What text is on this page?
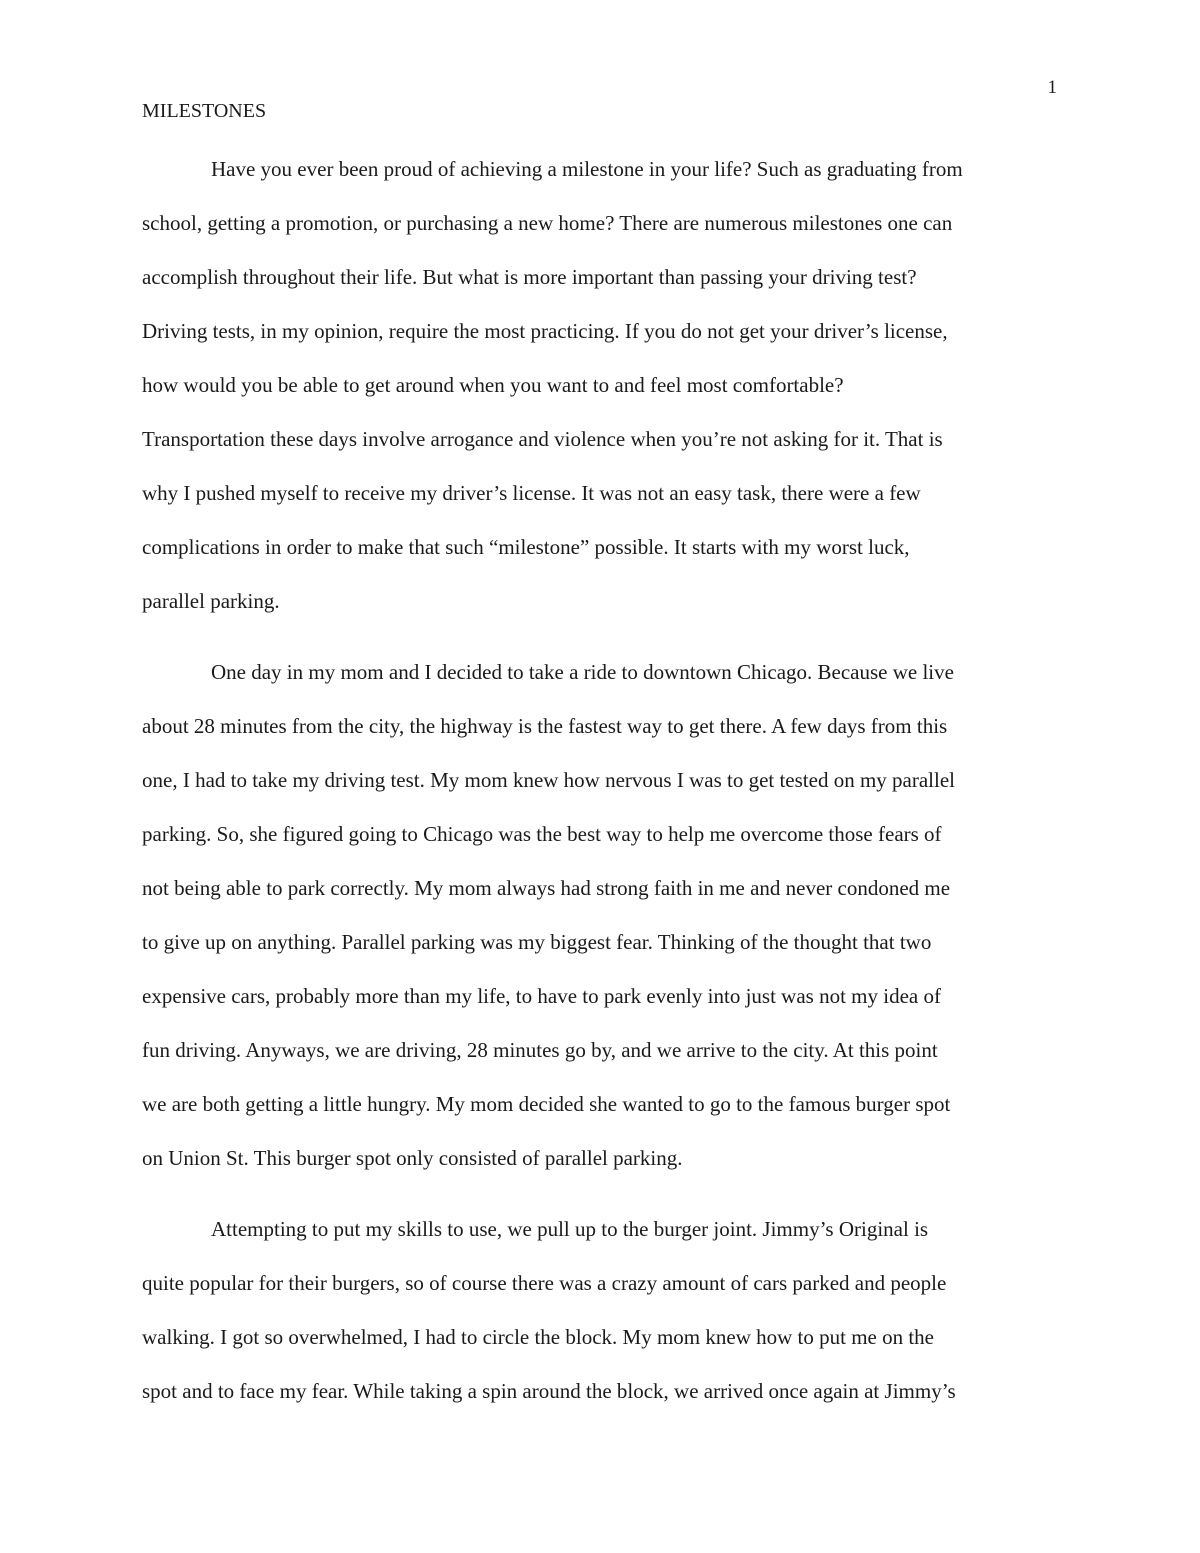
1
MILESTONES

Have you ever been proud of achieving a milestone in your life? Such as graduating from
school, getting a promotion, or purchasing a new home? There are numerous milestones one can
accomplish throughout their life. But what is more important than passing your driving test?
Driving tests, in my opinion, require the most practicing. If you do not get your driver’s license,
how would you be able to get around when you want to and feel most comfortable?
Transportation these days involve arrogance and violence when you’re not asking for it. That is
why I pushed myself to receive my driver’s license. It was not an easy task, there were a few
complications in order to make that such “milestone” possible. It starts with my worst luck,
parallel parking.

One day in my mom and I decided to take a ride to downtown Chicago. Because we live
about 28 minutes from the city, the highway is the fastest way to get there. A few days from this
one, I had to take my driving test. My mom knew how nervous I was to get tested on my parallel
parking. So, she figured going to Chicago was the best way to help me overcome those fears of
not being able to park correctly. My mom always had strong faith in me and never condoned me
to give up on anything. Parallel parking was my biggest fear. Thinking of the thought that two
expensive cars, probably more than my life, to have to park evenly into just was not my idea of
fun driving. Anyways, we are driving, 28 minutes go by, and we arrive to the city. At this point
we are both getting a little hungry. My mom decided she wanted to go to the famous burger spot
on Union St. This burger spot only consisted of parallel parking.

Attempting to put my skills to use, we pull up to the burger joint. Jimmy’s Original is
quite popular for their burgers, so of course there was a crazy amount of cars parked and people
walking. I got so overwhelmed, I had to circle the block. My mom knew how to put me on the
spot and to face my fear. While taking a spin around the block, we arrived once again at Jimmy’s
